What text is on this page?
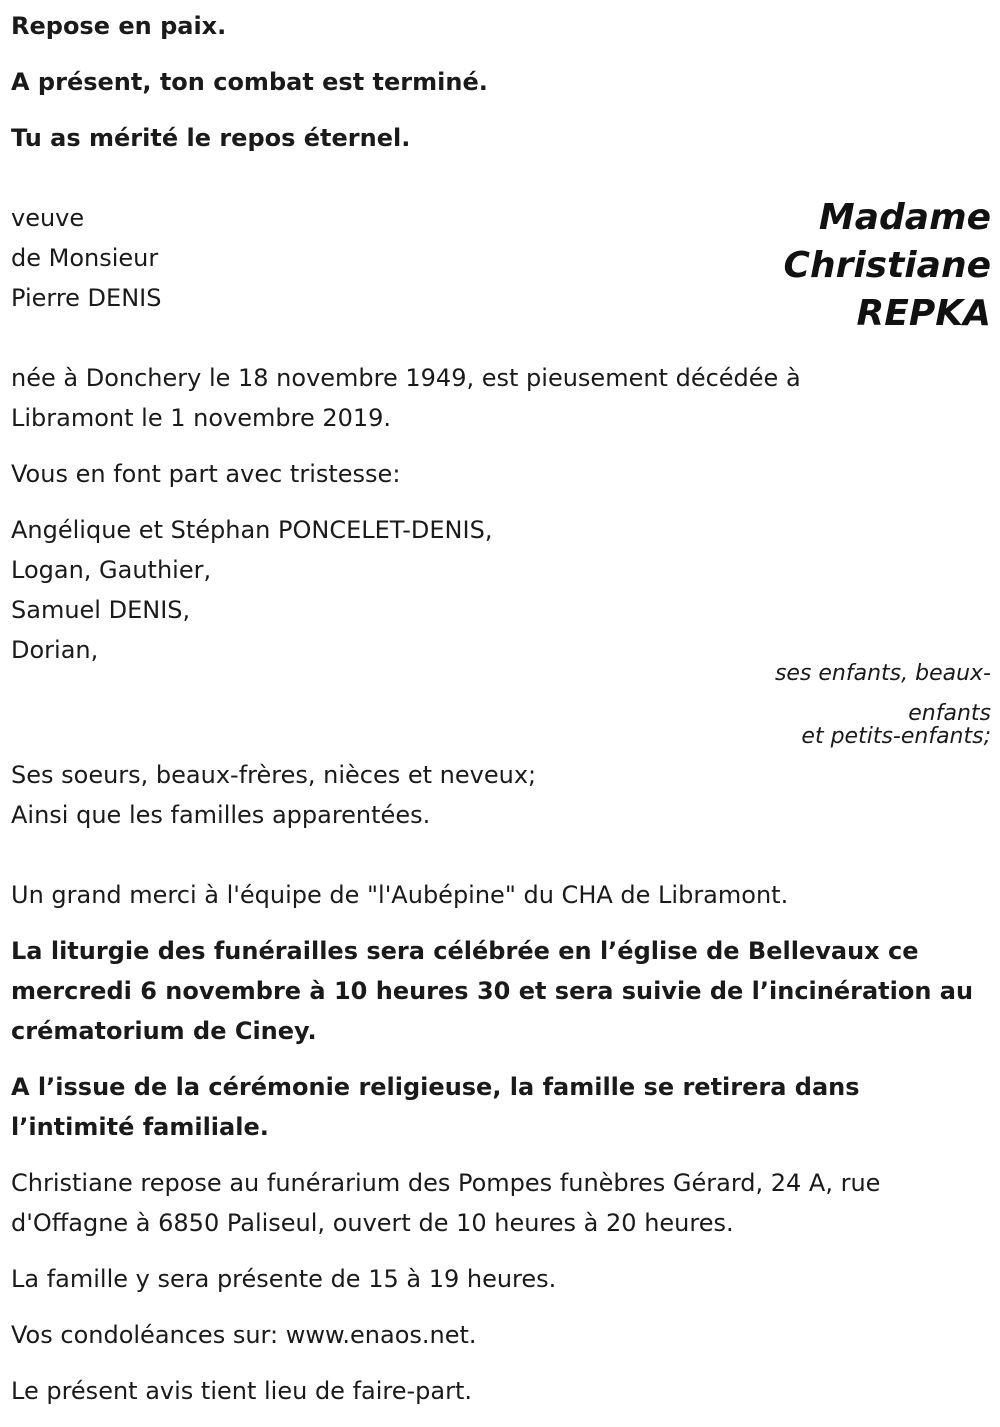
Repose en paix.

A présent, ton combat est terminé.

Tu as mérité le repos éternel.

veuve

de Monsieur

Pierre DENIS

Madame
Christiane
REPKA

née à Donchery le 18 novembre 1949, est pieusement décédée à

Libramont le 1 novembre 2019.

Vous en font part avec tristesse:

Angélique et Stéphan PONCELET-DENIS,

Logan, Gauthier,

Samuel DENIS,

Dorian,

ses enfants, beaux-
enfants
et petits-enfants;

Ses soeurs, beaux-frères, nièces et neveux;

Ainsi que les familles apparentées.

Un grand merci à l'équipe de "l'Aubépine" du CHA de Libramont.

La liturgie des funérailles sera célébrée en l’église de Bellevaux ce

mercredi 6 novembre à 10 heures 30 et sera suivie de l’incinération au

crématorium de Ciney.

A l’issue de la cérémonie religieuse, la famille se retirera dans

l’intimité familiale.

Christiane repose au funérarium des Pompes funèbres Gérard, 24 A, rue

d'Offagne à 6850 Paliseul, ouvert de 10 heures à 20 heures.

La famille y sera présente de 15 à 19 heures.

Vos condoléances sur: www.enaos.net.

Le présent avis tient lieu de faire-part.
